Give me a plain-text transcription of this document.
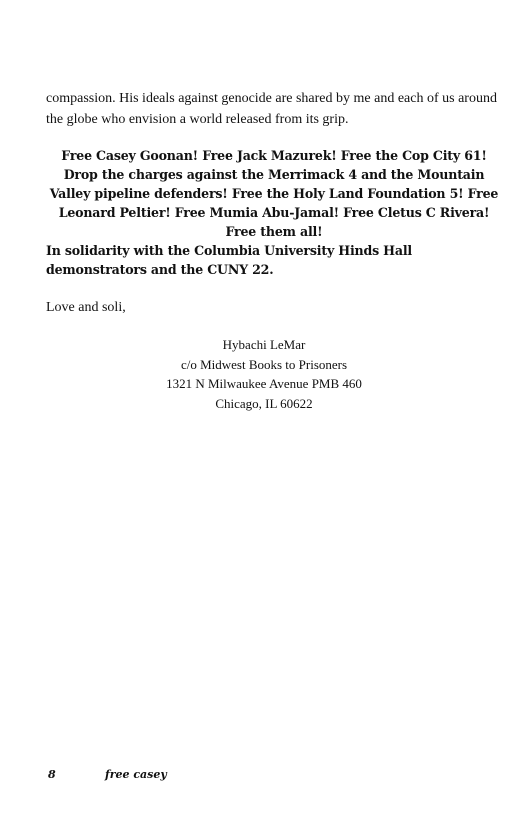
compassion. His ideals against genocide are shared by me and each of us around the globe who envision a world released from its grip.

Free Casey Goonan! Free Jack Mazurek! Free the Cop City 61! Drop the charges against the Merrimack 4 and the Mountain Valley pipeline defenders! Free the Holy Land Foundation 5! Free Leonard Peltier! Free Mumia Abu-Jamal! Free Cletus C Rivera! Free them all!

In solidarity with the Columbia University Hinds Hall demonstrators and the CUNY 22.

Love and soli,

Hybachi LeMar
c/o Midwest Books to Prisoners
1321 N Milwaukee Avenue PMB 460
Chicago, IL 60622
8	free casey
